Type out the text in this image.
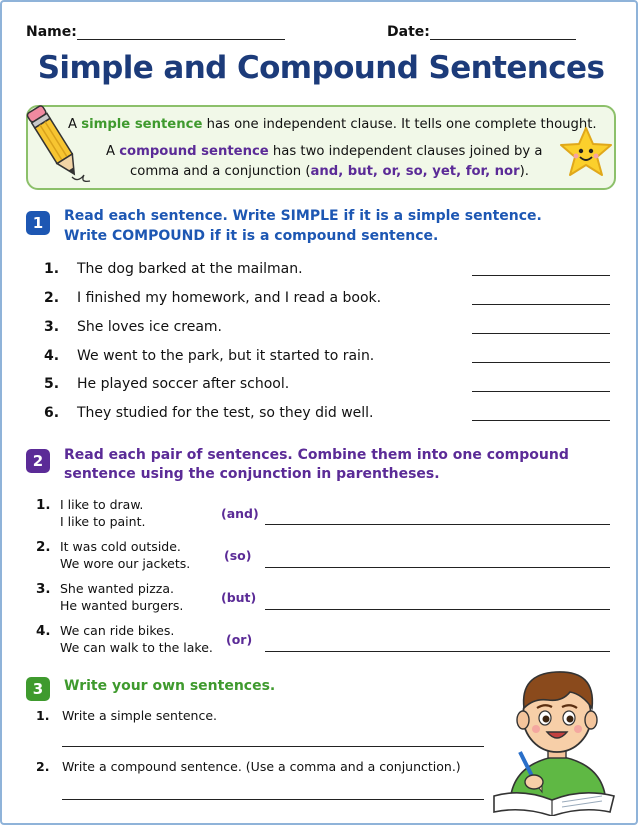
Name:	Date:
Simple and Compound Sentences
A simple sentence has one independent clause. It tells one complete thought.
A compound sentence has two independent clauses joined by a
comma and a conjunction (and, but, or, so, yet, for, nor).
1	Read each sentence. Write SIMPLE if it is a simple sentence.
Write COMPOUND if it is a compound sentence.
1. The dog barked at the mailman.
2. I finished my homework, and I read a book.
3. She loves ice cream.
4. We went to the park, but it started to rain.
5. He played soccer after school.
6. They studied for the test, so they did well.
2	Read each pair of sentences. Combine them into one compound
sentence using the conjunction in parentheses.
1. I like to draw.
I like to paint.
(and)
2. It was cold outside.
We wore our jackets.
(so)
3. She wanted pizza.
He wanted burgers.
(but)
4. We can ride bikes.
We can walk to the lake.
(or)
3	Write your own sentences.
1. Write a simple sentence.
2. Write a compound sentence. (Use a comma and a conjunction.)
